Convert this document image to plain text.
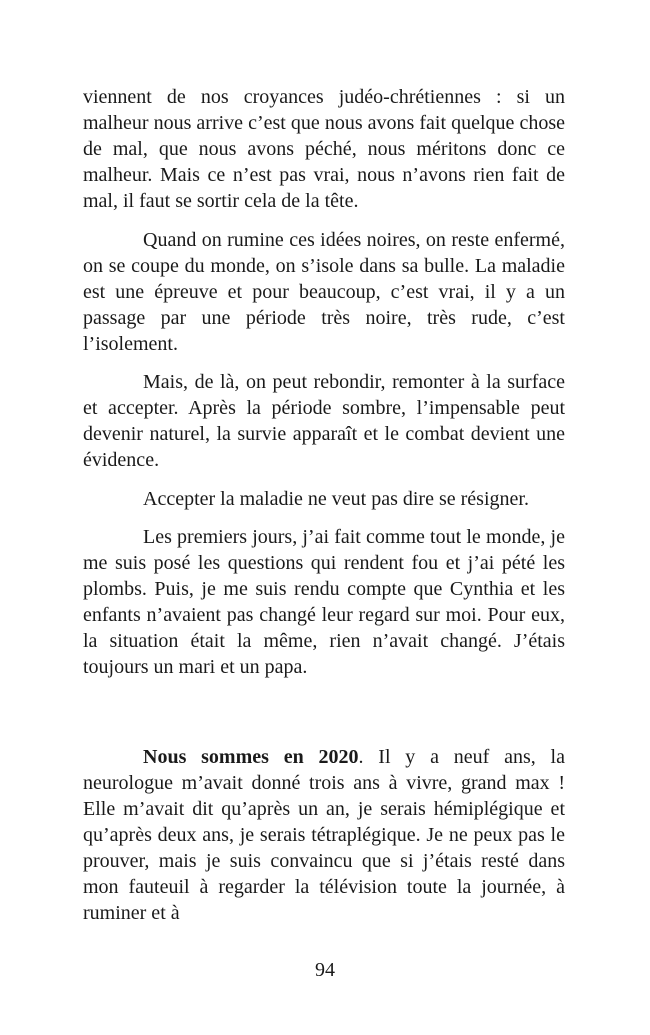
viennent de nos croyances judéo-chrétiennes : si un malheur nous arrive c’est que nous avons fait quelque chose de mal, que nous avons péché, nous méritons donc ce malheur. Mais ce n’est pas vrai, nous n’avons rien fait de mal, il faut se sortir cela de la tête.

Quand on rumine ces idées noires, on reste enfermé, on se coupe du monde, on s’isole dans sa bulle. La maladie est une épreuve et pour beaucoup, c’est vrai, il y a un passage par une période très noire, très rude, c’est l’isolement.

Mais, de là, on peut rebondir, remonter à la surface et accepter. Après la période sombre, l’impensable peut devenir naturel, la survie apparaît et le combat devient une évidence.

Accepter la maladie ne veut pas dire se résigner.

Les premiers jours, j’ai fait comme tout le monde, je me suis posé les questions qui rendent fou et j’ai pété les plombs. Puis, je me suis rendu compte que Cynthia et les enfants n’avaient pas changé leur regard sur moi. Pour eux, la situation était la même, rien n’avait changé. J’étais toujours un mari et un papa.

Nous sommes en 2020. Il y a neuf ans, la neurologue m’avait donné trois ans à vivre, grand max ! Elle m’avait dit qu’après un an, je serais hémiplégique et qu’après deux ans, je serais tétraplégique. Je ne peux pas le prouver, mais je suis convaincu que si j’étais resté dans mon fauteuil à regarder la télévision toute la journée, à ruminer et à

94
